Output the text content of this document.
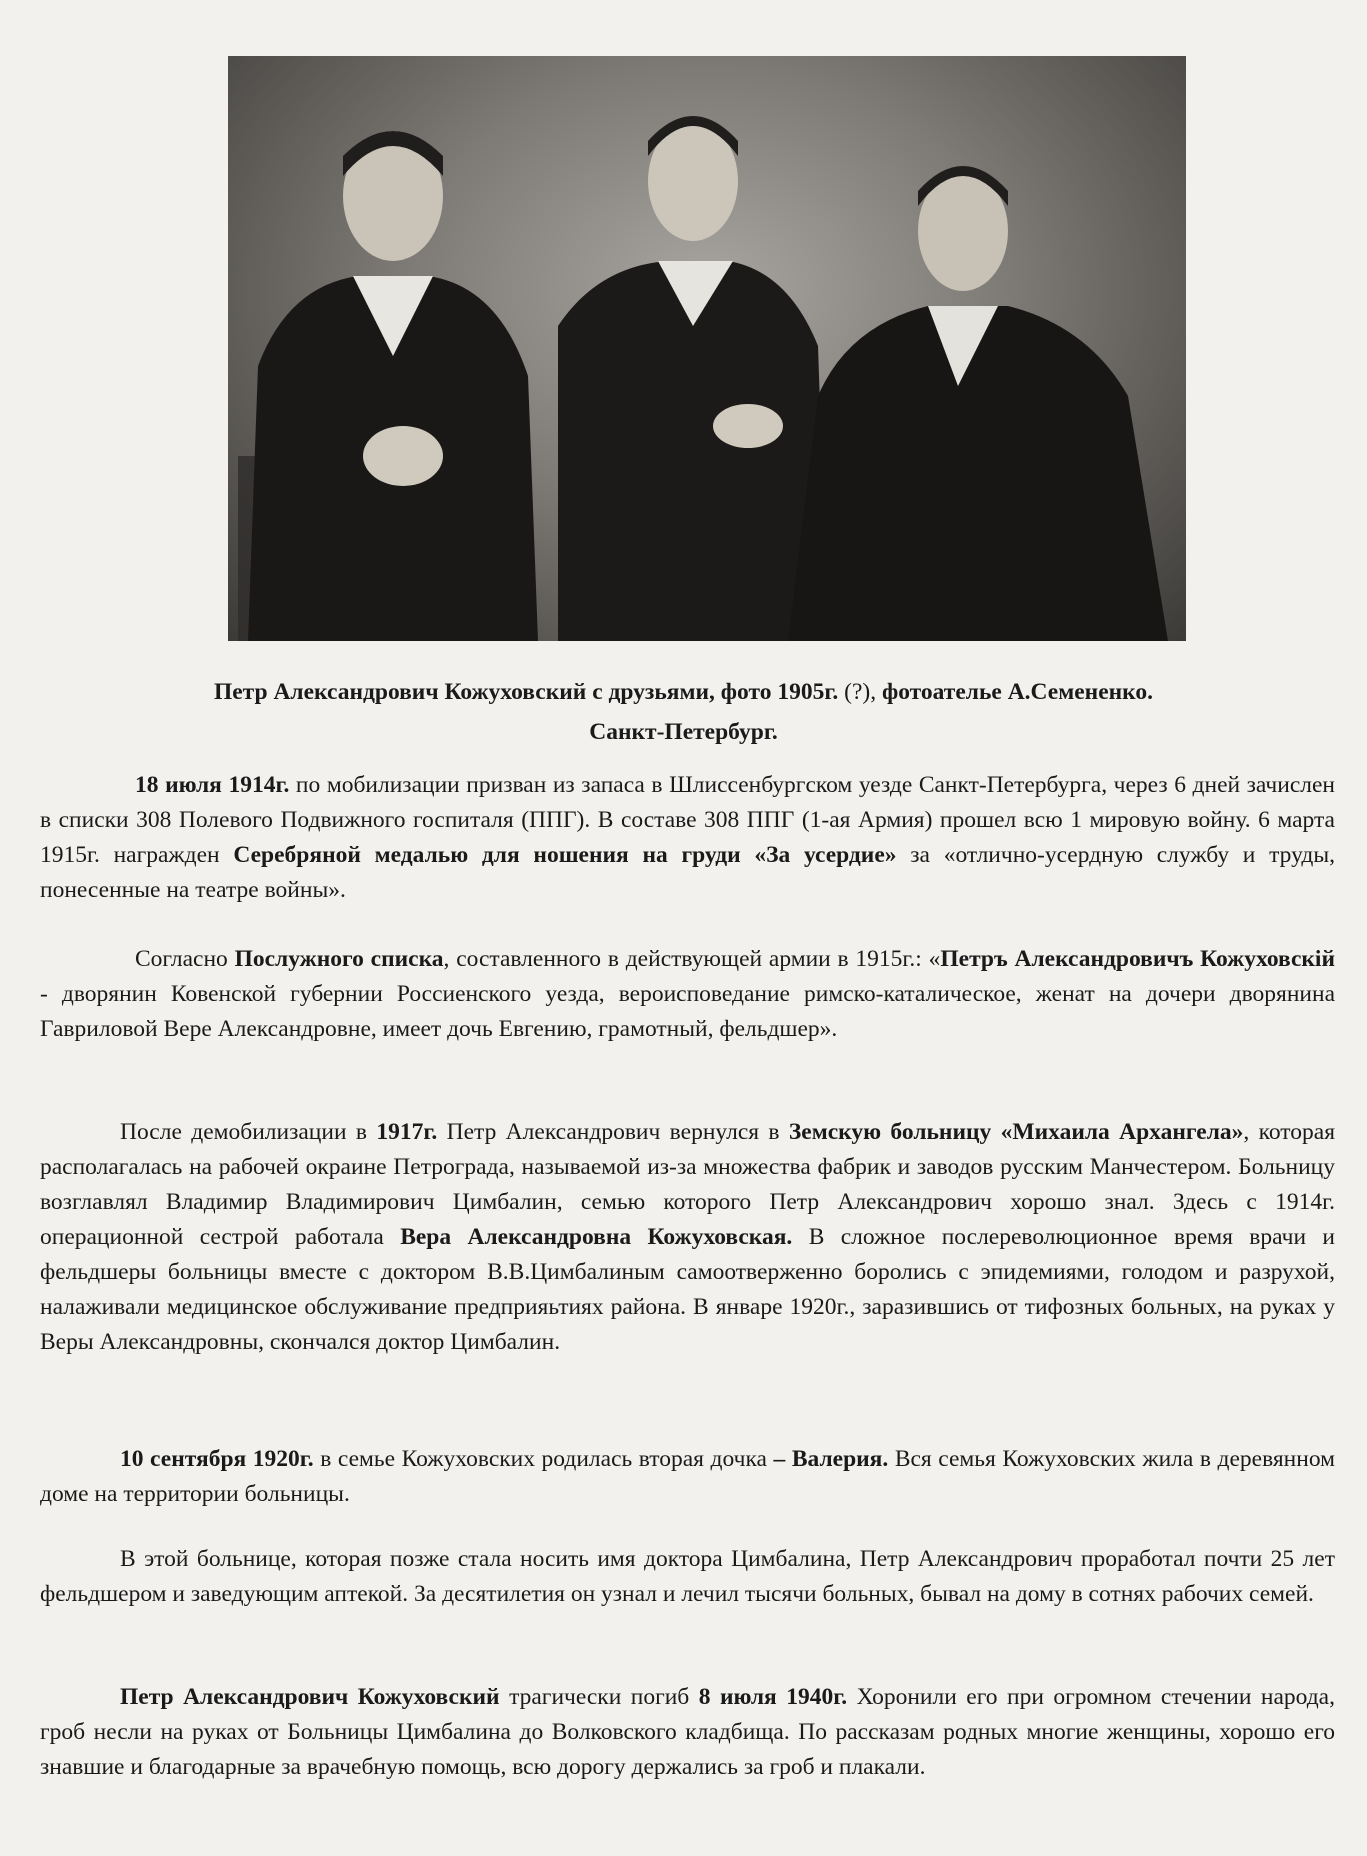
Петр Александрович Кожуховский с друзьями, фото 1905г. (?), фотоателье А.Семененко.
Санкт-Петербург.

18 июля 1914г. по мобилизации призван из запаса в Шлиссенбургском уезде Санкт-Петербурга, через 6 дней зачислен в списки 308 Полевого Подвижного госпиталя (ППГ). В составе 308 ППГ (1-ая Армия) прошел всю 1 мировую войну. 6 марта 1915г. награжден Серебряной медалью для ношения на груди «За усердие» за «отлично-усердную службу и труды, понесенные на театре войны».

Согласно Послужного списка, составленного в действующей армии в 1915г.: «Петръ Александровичъ Кожуховскій - дворянин Ковенской губернии Россиенского уезда, вероисповедание римско-каталическое, женат на дочери дворянина Гавриловой Вере Александровне, имеет дочь Евгению, грамотный, фельдшер».

После демобилизации в 1917г. Петр Александрович вернулся в Земскую больницу «Михаила Архангела», которая располагалась на рабочей окраине Петрограда, называемой из-за множества фабрик и заводов русским Манчестером. Больницу возглавлял Владимир Владимирович Цимбалин, семью которого Петр Александрович хорошо знал. Здесь с 1914г. операционной сестрой работала Вера Александровна Кожуховская. В сложное послереволюционное время врачи и фельдшеры больницы вместе с доктором В.В.Цимбалиным самоотверженно боролись с эпидемиями, голодом и разрухой, налаживали медицинское обслуживание предприяьтиях района. В январе 1920г., заразившись от тифозных больных, на руках у Веры Александровны, скончался доктор Цимбалин.

10 сентября 1920г. в семье Кожуховских родилась вторая дочка – Валерия. Вся семья Кожуховских жила в деревянном доме на территории больницы.

В этой больнице, которая позже стала носить имя доктора Цимбалина, Петр Александрович проработал почти 25 лет фельдшером и заведующим аптекой. За десятилетия он узнал и лечил тысячи больных, бывал на дому в сотнях рабочих семей.

Петр Александрович Кожуховский трагически погиб 8 июля 1940г. Хоронили его при огромном стечении народа, гроб несли на руках от Больницы Цимбалина до Волковского кладбища. По рассказам родных многие женщины, хорошо его знавшие и благодарные за врачебную помощь, всю дорогу держались за гроб и плакали.
